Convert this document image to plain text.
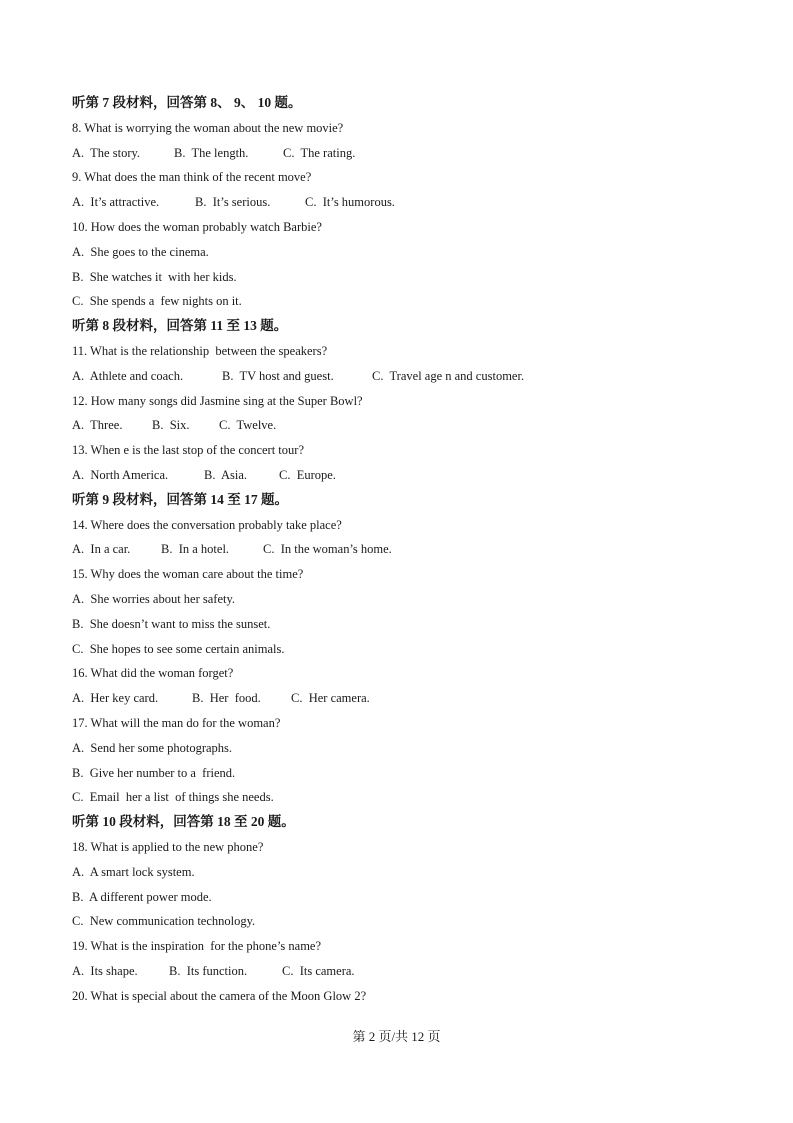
听第 7 段材料，回答第 8、 9、 10 题。
8. What is worrying the woman about the new movie?
A.  The story.	B.  The length.	C.  The rating.
9. What does the man think of the recent move?
A.  It’s attractive.	B.  It’s serious.	C.  It’s humorous.
10. How does the woman probably watch Barbie?
A.  She goes to the cinema.
B.  She watches it  with her kids.
C.  She spends a  few nights on it.
听第 8 段材料，回答第 11 至 13 题。
11. What is the relationship  between the speakers?
A.  Athlete and coach.	B.  TV host and guest.	C.  Travel age n and customer.
12. How many songs did Jasmine sing at the Super Bowl?
A.  Three. B.  Six. C.  Twelve.
13. When e is the last stop of the concert tour?
A.  North America.	B.  Asia.	C.  Europe.
听第 9 段材料，回答第 14 至 17 题。
14. Where does the conversation probably take place?
A.  In a car. B.  In a hotel.	C.  In the woman’s home.
15. Why does the woman care about the time?
A.  She worries about her safety.
B.  She doesn’t want to miss the sunset.
C.  She hopes to see some certain animals.
16. What did the woman forget?
A.  Her key card.	B.  Her  food. C.  Her camera.
17. What will the man do for the woman?
A.  Send her some photographs.
B.  Give her number to a  friend.
C.  Email  her a list  of things she needs.
听第 10 段材料，回答第 18 至 20 题。
18. What is applied to the new phone?
A.  A smart lock system.
B.  A different power mode.
C.  New communication technology.
19. What is the inspiration  for the phone’s name?
A.  Its shape.	B.  Its function.	C.  Its camera.
20. What is special about the camera of the Moon Glow 2?
第 2 页/共 12 页
